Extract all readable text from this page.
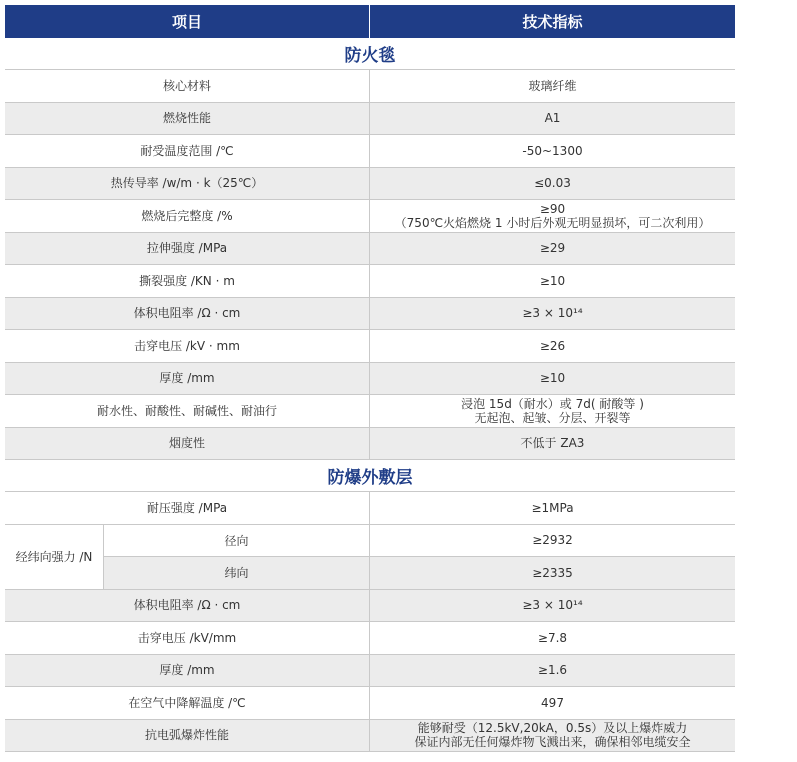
项目	技术指标
防火毯
核心材料	玻璃纤维
燃烧性能	A1
耐受温度范围 /℃	-50~1300
热传导率 /w/m · k（25℃）	≤0.03
燃烧后完整度 /%	≥90
（750℃火焰燃烧 1 小时后外观无明显损坏，可二次利用）
拉伸强度 /MPa	≥29
撕裂强度 /KN · m	≥10
体积电阻率 /Ω · cm	≥3 × 10¹⁴
击穿电压 /kV · mm	≥26
厚度 /mm	≥10
耐水性、耐酸性、耐碱性、耐油行	浸泡 15d（耐水）或 7d( 耐酸等 )
无起泡、起皱、分层、开裂等
烟度性	不低于 ZA3
防爆外敷层
耐压强度 /MPa	≥1MPa
经纬向强力 /N
径向	≥2932
纬向	≥2335
体积电阻率 /Ω · cm	≥3 × 10¹⁴
击穿电压 /kV/mm	≥7.8
厚度 /mm	≥1.6
在空气中降解温度 /℃	497
抗电弧爆炸性能	能够耐受（12.5kV,20kA，0.5s）及以上爆炸威力
保证内部无任何爆炸物飞溅出来，确保相邻电缆安全
